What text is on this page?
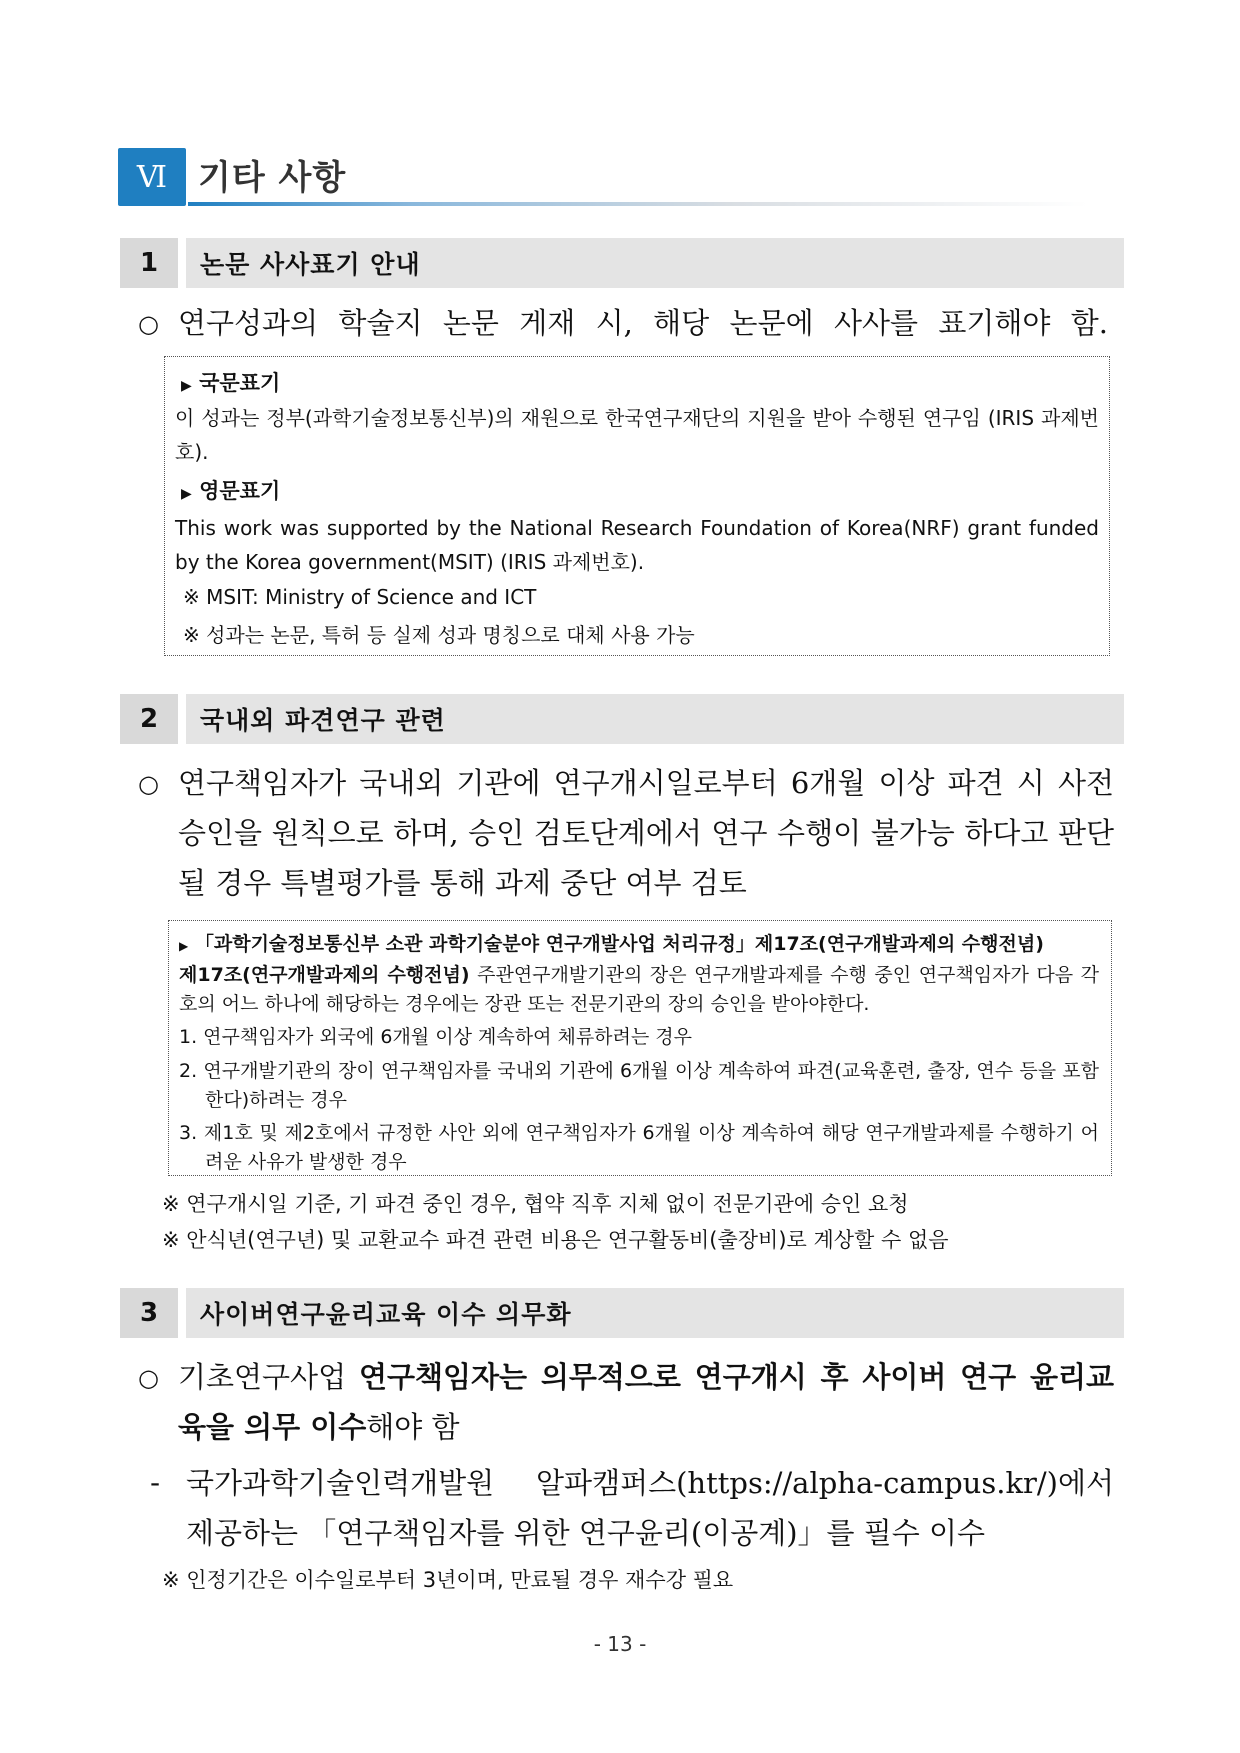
Ⅵ 기타 사항
1	논문 사사표기 안내
○ 연구성과의 학술지 논문 게재 시, 해당 논문에 사사를 표기해야 함.
▶ 국문표기
이 성과는 정부(과학기술정보통신부)의 재원으로 한국연구재단의 지원을 받아 수행된 연구임 (IRIS 과제번호).
▶ 영문표기
This work was supported by the National Research Foundation of Korea(NRF) grant funded by the Korea government(MSIT) (IRIS 과제번호).
※ MSIT: Ministry of Science and ICT
※ 성과는 논문, 특허 등 실제 성과 명칭으로 대체 사용 가능
2	국내외 파견연구 관련
○ 연구책임자가 국내외 기관에 연구개시일로부터 6개월 이상 파견 시 사전 승인을 원칙으로 하며, 승인 검토단계에서 연구 수행이 불가능 하다고 판단될 경우 특별평가를 통해 과제 중단 여부 검토
▶ 「과학기술정보통신부 소관 과학기술분야 연구개발사업 처리규정」제17조(연구개발과제의 수행전념)
제17조(연구개발과제의 수행전념) 주관연구개발기관의 장은 연구개발과제를 수행 중인 연구책임자가 다음 각 호의 어느 하나에 해당하는 경우에는 장관 또는 전문기관의 장의 승인을 받아야한다.
1. 연구책임자가 외국에 6개월 이상 계속하여 체류하려는 경우
2. 연구개발기관의 장이 연구책임자를 국내외 기관에 6개월 이상 계속하여 파견(교육훈련, 출장, 연수 등을 포함한다)하려는 경우
3. 제1호 및 제2호에서 규정한 사안 외에 연구책임자가 6개월 이상 계속하여 해당 연구개발과제를 수행하기 어려운 사유가 발생한 경우
※ 연구개시일 기준, 기 파견 중인 경우, 협약 직후 지체 없이 전문기관에 승인 요청
※ 안식년(연구년) 및 교환교수 파견 관련 비용은 연구활동비(출장비)로 계상할 수 없음
3	사이버연구윤리교육 이수 의무화
○ 기초연구사업 연구책임자는 의무적으로 연구개시 후 사이버 연구 윤리교육을 의무 이수해야 함
- 국가과학기술인력개발원 알파캠퍼스(https://alpha-campus.kr/)에서 제공하는 「연구책임자를 위한 연구윤리(이공계)」를 필수 이수
※ 인정기간은 이수일로부터 3년이며, 만료될 경우 재수강 필요
- 13 -
